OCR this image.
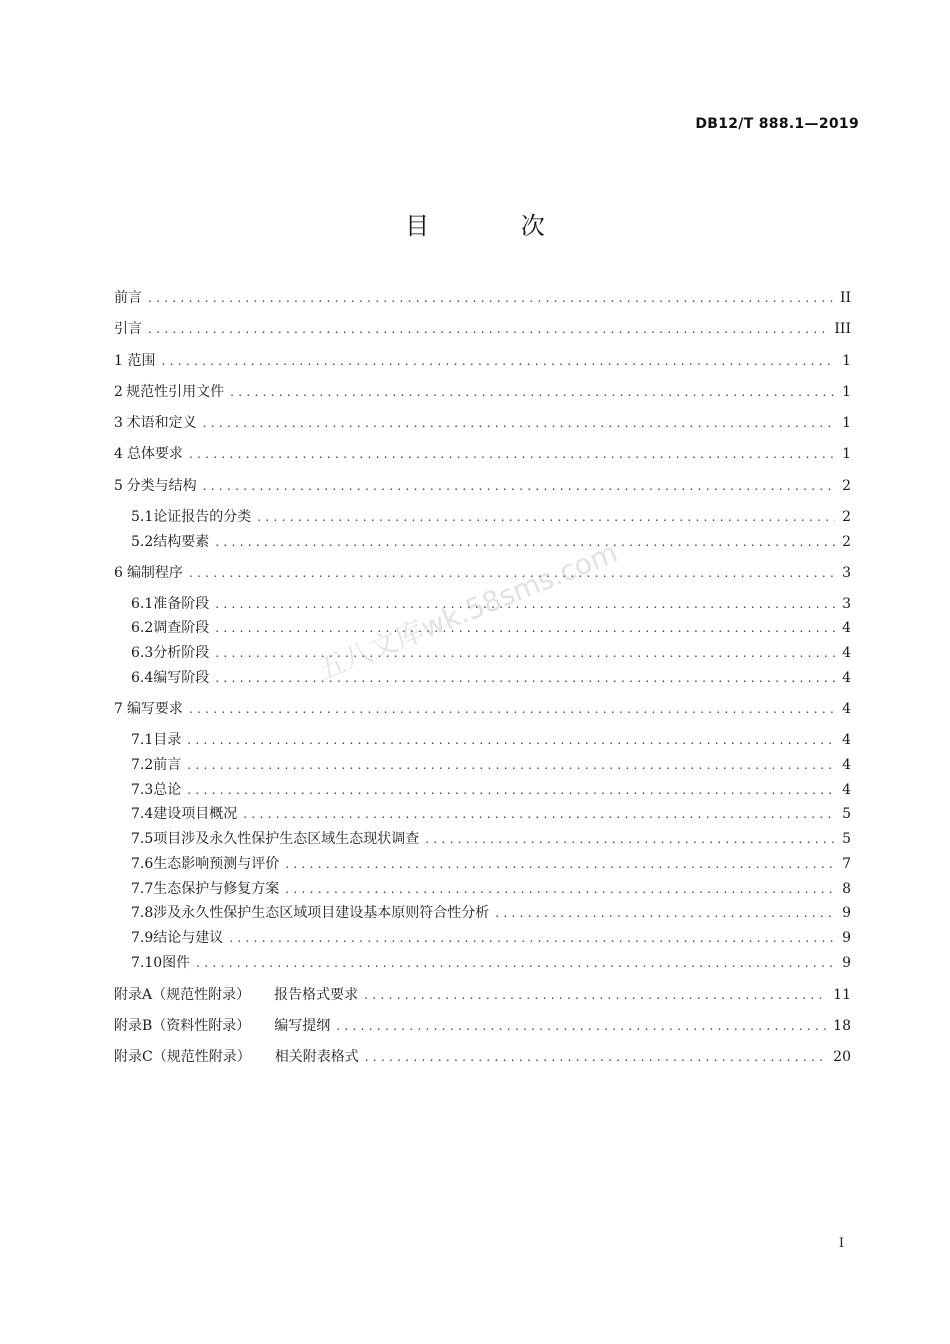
DB12/T 888.1—2019
目 次
前言 .....	II
引言 .....	III
1 范围 .....	1
2 规范性引用文件 .....	1
3 术语和定义 .....	1
4 总体要求 .....	1
5 分类与结构 .....	2
5.1 论证报告的分类 .....	2
5.2 结构要素 .....	2
6 编制程序 .....	3
6.1 准备阶段 .....	3
6.2 调查阶段 .....	4
6.3 分析阶段 .....	4
6.4 编写阶段 .....	4
7 编写要求 .....	4
7.1 目录 .....	4
7.2 前言 .....	4
7.3 总论 .....	4
7.4 建设项目概况 .....	5
7.5 项目涉及永久性保护生态区域生态现状调查 .....	5
7.6 生态影响预测与评价 .....	7
7.7 生态保护与修复方案 .....	8
7.8 涉及永久性保护生态区域项目建设基本原则符合性分析 .....	9
7.9 结论与建议 .....	9
7.10 图件 .....	9
附录A（规范性附录） 报告格式要求 .....	11
附录B（资料性附录） 编写提纲 .....	18
附录C（规范性附录） 相关附表格式 .....	20
五八文库wk.58sms.com
I
